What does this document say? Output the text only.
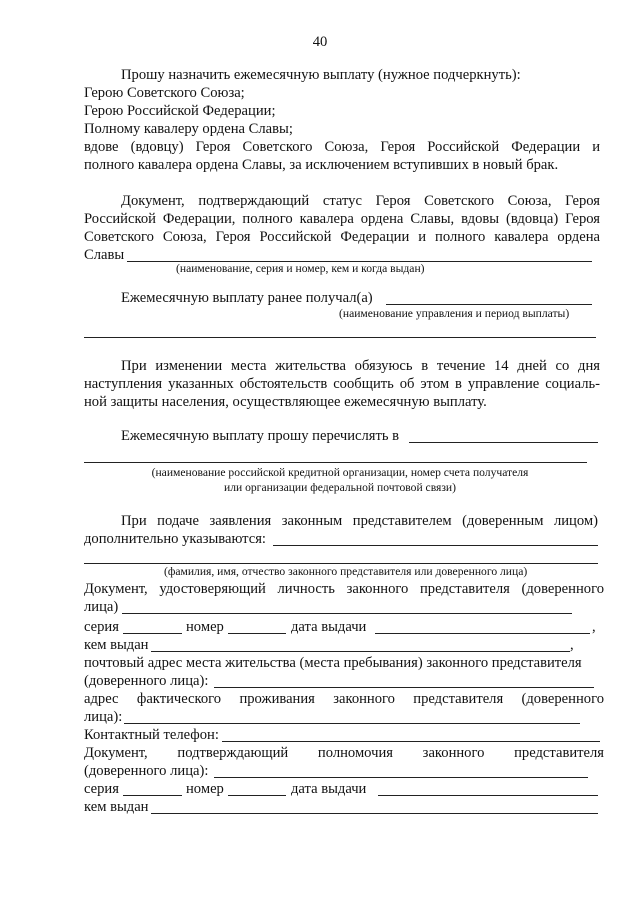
40
Прошу назначить ежемесячную выплату (нужное подчеркнуть):
Герою Советского Союза;
Герою Российской Федерации;
Полному кавалеру ордена Славы;
вдове (вдовцу) Героя Советского Союза, Героя Российской Федерации и
полного кавалера ордена Славы, за исключением вступивших в новый брак.
Документ, подтверждающий статус Героя Советского Союза, Героя
Российской Федерации, полного кавалера ордена Славы, вдовы (вдовца) Героя
Советского Союза, Героя Российской Федерации и полного кавалера ордена
Славы
(наименование, серия и номер, кем и когда выдан)
Ежемесячную выплату ранее получал(а)
(наименование управления и период выплаты)
При изменении места жительства обязуюсь в течение 14 дней со дня
наступления указанных обстоятельств сообщить об этом в управление социаль-
ной защиты населения, осуществляющее ежемесячную выплату.
Ежемесячную выплату прошу перечислять в
(наименование российской кредитной организации, номер счета получателя
или организации федеральной почтовой связи)
При подаче заявления законным представителем (доверенным лицом)
дополнительно указываются:
(фамилия, имя, отчество законного представителя или доверенного лица)
Документ, удостоверяющий личность законного представителя (доверенного
лица)
серия	номер	дата выдачи	,
кем выдан	,
почтовый адрес места жительства (места пребывания) законного представителя
(доверенного лица):
адрес фактического проживания законного представителя (доверенного
лица):
Контактный телефон:
Документ, подтверждающий полномочия законного представителя
(доверенного лица):
серия	номер	дата выдачи
кем выдан
